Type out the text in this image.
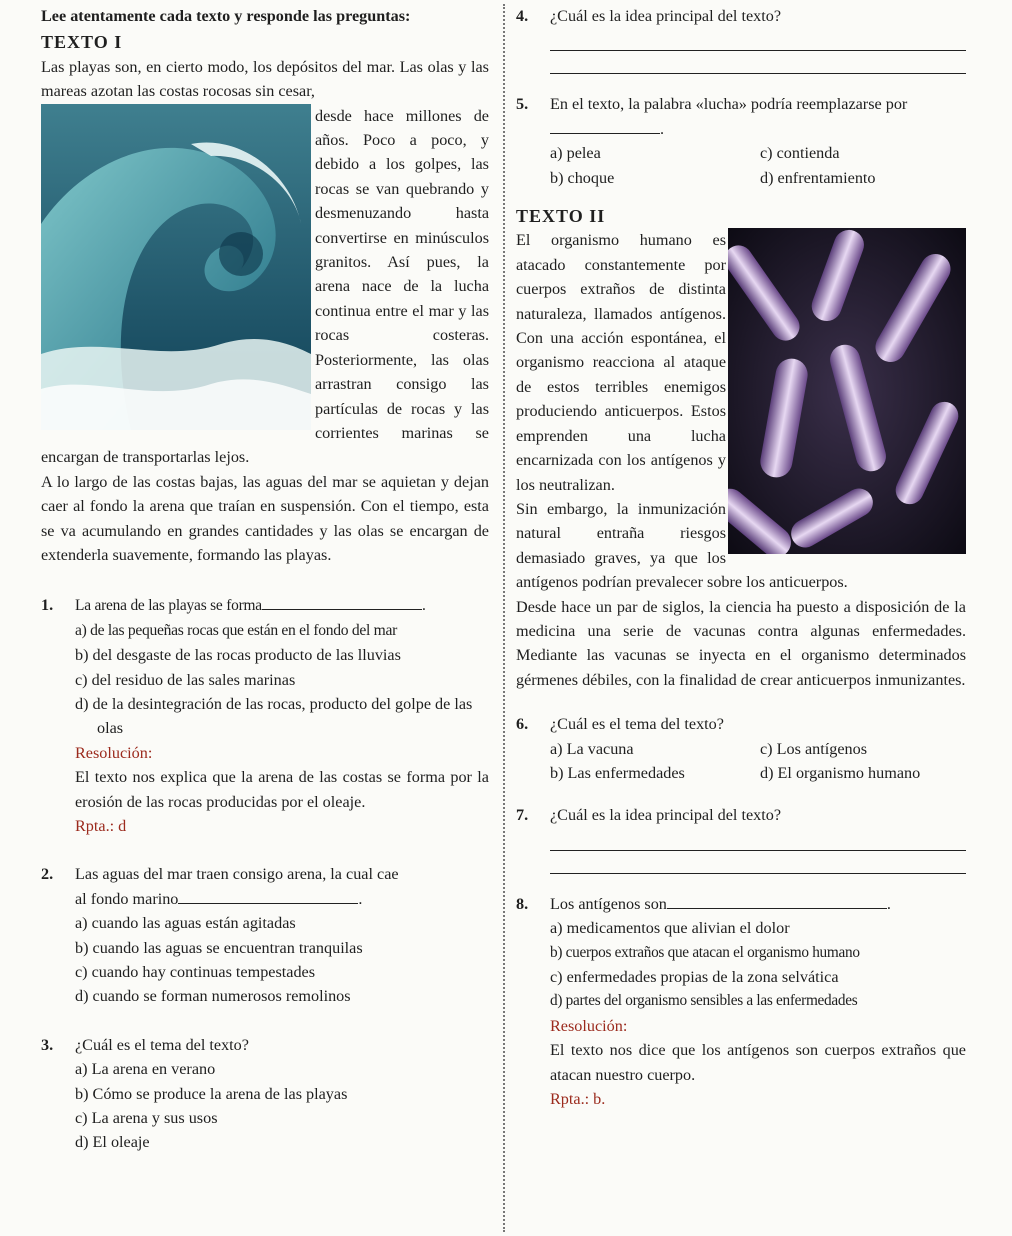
Lee atentamente cada texto y responde las preguntas:

TEXTO I

Las playas son, en cierto modo, los depósitos del mar. Las olas y las mareas azotan las costas rocosas sin cesar,

desde hace millones de años. Poco a poco, y debido a los golpes, las rocas se van quebrando y desmenuzando hasta convertirse en minúsculos granitos. Así pues, la arena nace de la lucha continua entre el mar y las rocas costeras. Posteriormente, las olas arrastran consigo las partículas de rocas y las corrientes marinas se encargan de transportarlas lejos.

A lo largo de las costas bajas, las aguas del mar se aquietan y dejan caer al fondo la arena que traían en suspensión. Con el tiempo, esta se va acumulando en grandes cantidades y las olas se encargan de extenderla suavemente, formando las playas.

1.	La arena de las playas se forma	.

a) de las pequeñas rocas que están en el fondo del mar

b) del desgaste de las rocas producto de las lluvias

c) del residuo de las sales marinas

d) de la desintegración de las rocas, producto del golpe de las olas

Resolución:

El texto nos explica que la arena de las costas se forma por la erosión de las rocas producidas por el oleaje.

Rpta.: d

2.	Las aguas del mar traen consigo arena, la cual cae

al fondo marino	.

a) cuando las aguas están agitadas

b) cuando las aguas se encuentran tranquilas

c) cuando hay continuas tempestades

d) cuando se forman numerosos remolinos

3.	¿Cuál es el tema del texto?

a) La arena en verano

b) Cómo se produce la arena de las playas

c) La arena y sus usos

d) El oleaje

4.	¿Cuál es la idea principal del texto?
5.	En el texto, la palabra «lucha» podría reemplazarse por.
a) pelea	c) contienda
b) choque	d) enfrentamiento

TEXTO II

El organismo humano es atacado constantemente por cuerpos extraños de distinta naturaleza, llamados antígenos. Con una acción espontánea, el organismo reacciona al ataque de estos terribles enemigos produciendo anticuerpos. Estos emprenden una lucha encarnizada con los antígenos y los neutralizan.

Sin embargo, la inmunización natural entraña riesgos demasiado graves, ya que los antígenos podrían prevalecer sobre los anticuerpos.

Desde hace un par de siglos, la ciencia ha puesto a disposición de la medicina una serie de vacunas contra algunas enfermedades. Mediante las vacunas se inyecta en el organismo determinados gérmenes débiles, con la finalidad de crear anticuerpos inmunizantes.

6.	¿Cuál es el tema del texto?
a) La vacuna	c) Los antígenos
b) Las enfermedades	d) El organismo humano
7.	¿Cuál es la idea principal del texto?
8.	Los antígenos son	.

a) medicamentos que alivian el dolor

b) cuerpos extraños que atacan el organismo humano

c) enfermedades propias de la zona selvática

d) partes del organismo sensibles a las enfermedades

Resolución:

El texto nos dice que los antígenos son cuerpos extraños que atacan nuestro cuerpo.

Rpta.: b.
